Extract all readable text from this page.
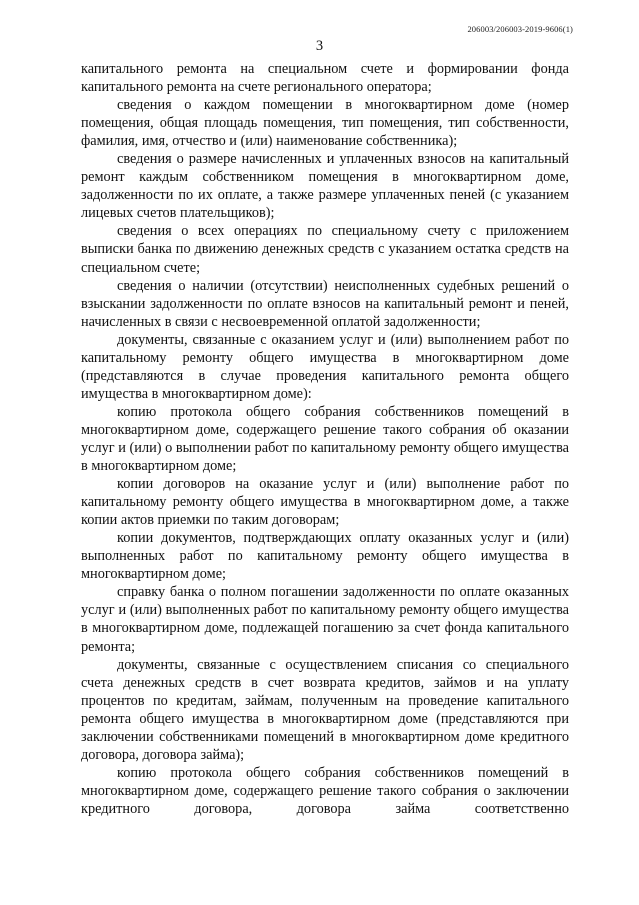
206003/206003-2019-9606(1)
3

капитального ремонта на специальном счете и формировании фонда капитального ремонта на счете регионального оператора;

сведения о каждом помещении в многоквартирном доме (номер помещения, общая площадь помещения, тип помещения, тип собственности, фамилия, имя, отчество и (или) наименование собственника);

сведения о размере начисленных и уплаченных взносов на капитальный ремонт каждым собственником помещения в многоквартирном доме, задолженности по их оплате, а также размере уплаченных пеней (с указанием лицевых счетов плательщиков);

сведения о всех операциях по специальному счету с приложением выписки банка по движению денежных средств с указанием остатка средств на специальном счете;

сведения о наличии (отсутствии) неисполненных судебных решений о взыскании задолженности по оплате взносов на капитальный ремонт и пеней, начисленных в связи с несвоевременной оплатой задолженности;

документы, связанные с оказанием услуг и (или) выполнением работ по капитальному ремонту общего имущества в многоквартирном доме (представляются в случае проведения капитального ремонта общего имущества в многоквартирном доме):

копию протокола общего собрания собственников помещений в многоквартирном доме, содержащего решение такого собрания об оказании услуг и (или) о выполнении работ по капитальному ремонту общего имущества в многоквартирном доме;

копии договоров на оказание услуг и (или) выполнение работ по капитальному ремонту общего имущества в многоквартирном доме, а также копии актов приемки по таким договорам;

копии документов, подтверждающих оплату оказанных услуг и (или) выполненных работ по капитальному ремонту общего имущества в многоквартирном доме;

справку банка о полном погашении задолженности по оплате оказанных услуг и (или) выполненных работ по капитальному ремонту общего имущества в многоквартирном доме, подлежащей погашению за счет фонда капитального ремонта;

документы, связанные с осуществлением списания со специального счета денежных средств в счет возврата кредитов, займов и на уплату процентов по кредитам, займам, полученным на проведение капитального ремонта общего имущества в многоквартирном доме (представляются при заключении собственниками помещений в многоквартирном доме кредитного договора, договора займа);

копию протокола общего собрания собственников помещений в многоквартирном доме, содержащего решение такого собрания о заключении кредитного договора, договора займа соответственно
